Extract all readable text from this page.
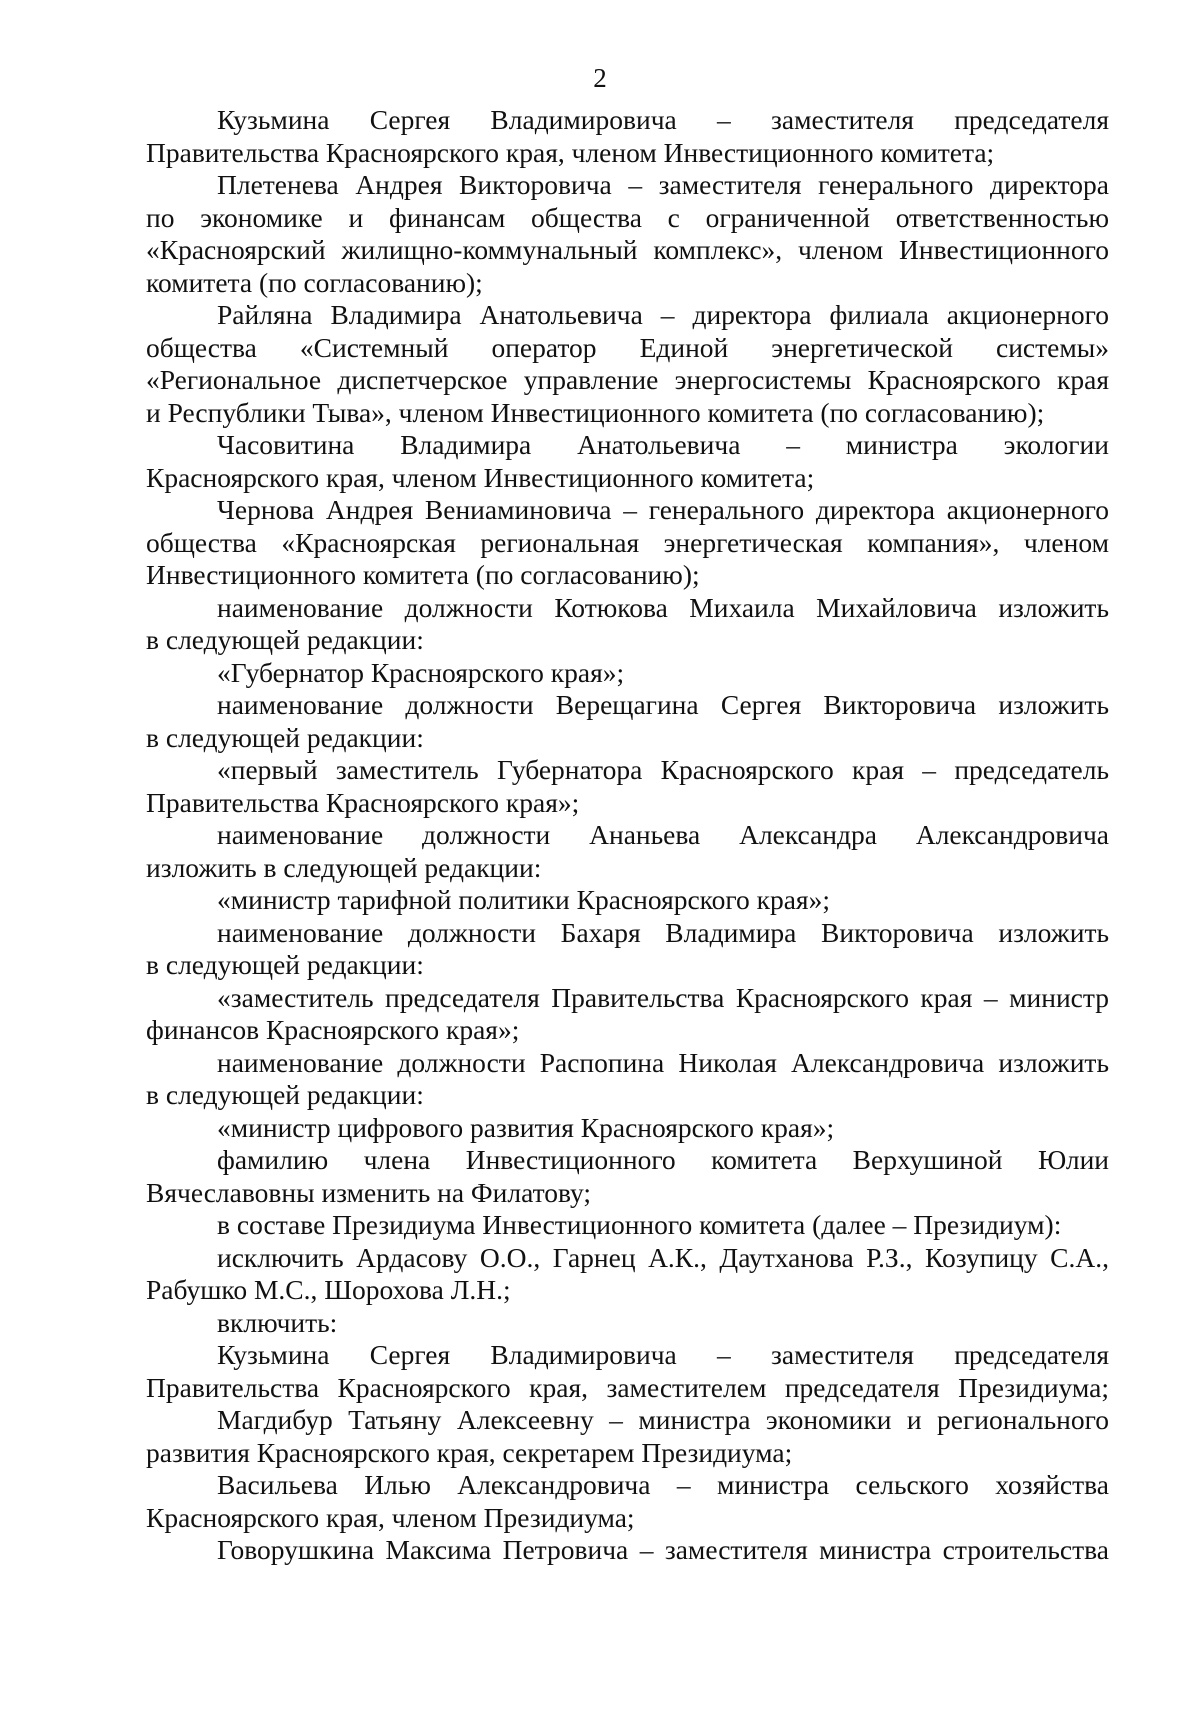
2
Кузьмина Сергея Владимировича – заместителя председателя
Правительства Красноярского края, членом Инвестиционного комитета;
Плетенева Андрея Викторовича – заместителя генерального директора
по экономике и финансам общества с ограниченной ответственностью
«Красноярский жилищно-коммунальный комплекс», членом Инвестиционного
комитета (по согласованию);
Райляна Владимира Анатольевича – директора филиала акционерного
общества «Системный оператор Единой энергетической системы»
«Региональное диспетчерское управление энергосистемы Красноярского края
и Республики Тыва», членом Инвестиционного комитета (по согласованию);
Часовитина Владимира Анатольевича – министра экологии
Красноярского края, членом Инвестиционного комитета;
Чернова Андрея Вениаминовича – генерального директора акционерного
общества «Красноярская региональная энергетическая компания», членом
Инвестиционного комитета (по согласованию);
наименование должности Котюкова Михаила Михайловича изложить
в следующей редакции:
«Губернатор Красноярского края»;
наименование должности Верещагина Сергея Викторовича изложить
в следующей редакции:
«первый заместитель Губернатора Красноярского края – председатель
Правительства Красноярского края»;
наименование должности Ананьева Александра Александровича
изложить в следующей редакции:
«министр тарифной политики Красноярского края»;
наименование должности Бахаря Владимира Викторовича изложить
в следующей редакции:
«заместитель председателя Правительства Красноярского края – министр
финансов Красноярского края»;
наименование должности Распопина Николая Александровича изложить
в следующей редакции:
«министр цифрового развития Красноярского края»;
фамилию члена Инвестиционного комитета Верхушиной Юлии
Вячеславовны изменить на Филатову;
в составе Президиума Инвестиционного комитета (далее – Президиум):
исключить Ардасову О.О., Гарнец А.К., Даутханова Р.З., Козупицу С.А.,
Рабушко М.С., Шорохова Л.Н.;
включить:
Кузьмина Сергея Владимировича – заместителя председателя
Правительства Красноярского края, заместителем председателя Президиума;
Магдибур Татьяну Алексеевну – министра экономики и регионального
развития Красноярского края, секретарем Президиума;
Васильева Илью Александровича – министра сельского хозяйства
Красноярского края, членом Президиума;
Говорушкина Максима Петровича – заместителя министра строительства
